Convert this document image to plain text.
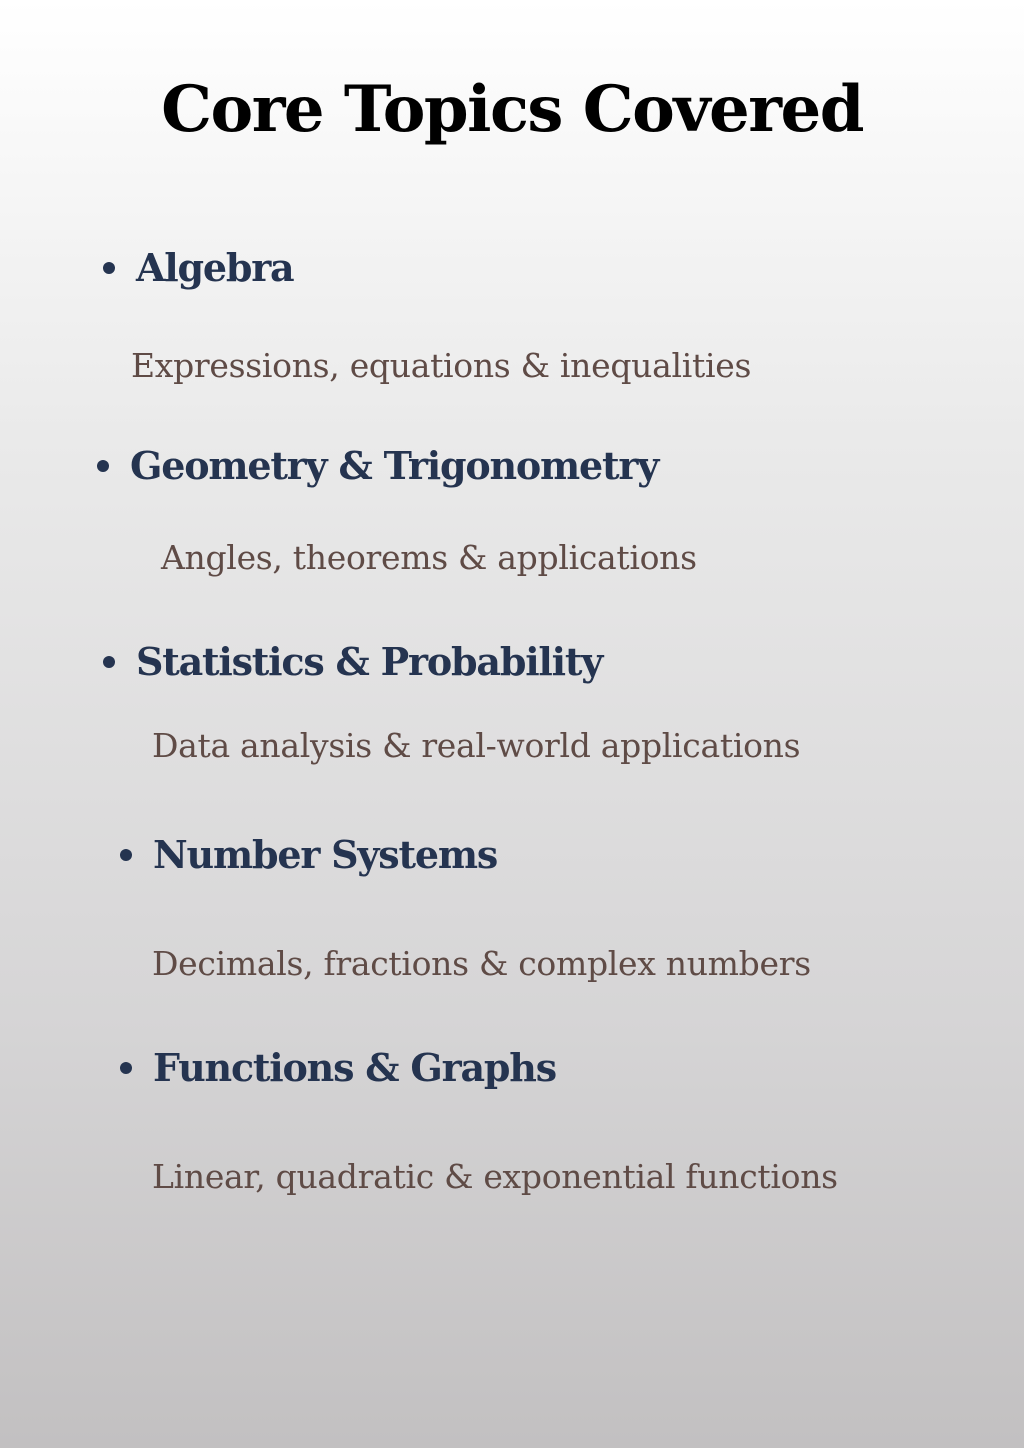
Core Topics Covered
Algebra
Expressions, equations & inequalities
Geometry & Trigonometry
Angles, theorems & applications
Statistics & Probability
Data analysis & real-world applications
Number Systems
Decimals, fractions & complex numbers
Functions & Graphs
Linear, quadratic & exponential functions
